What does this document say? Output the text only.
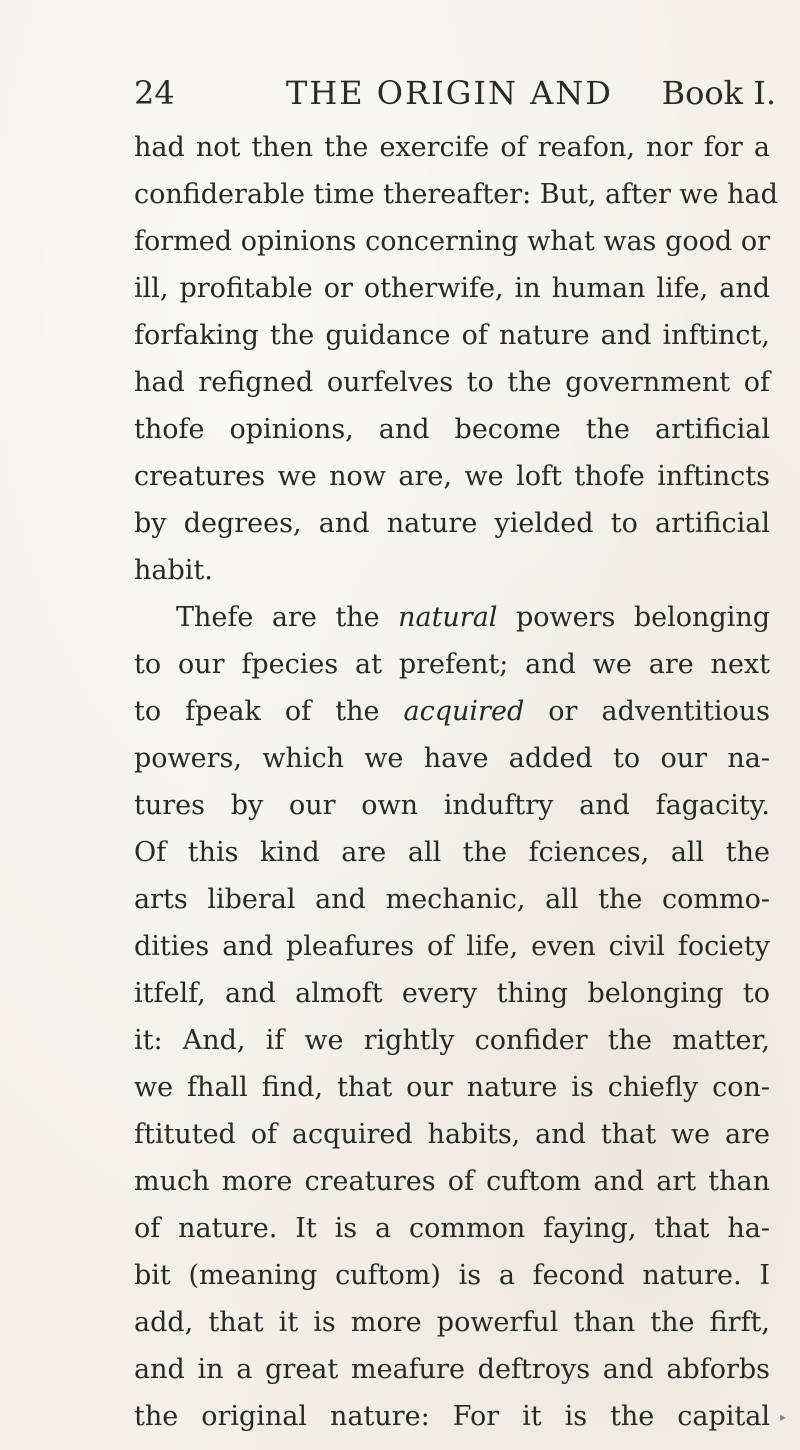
24	THE ORIGIN AND Book I.
had not then the exercife of reafon, nor for a
confiderable time thereafter: But, after we had
formed opinions concerning what was good or
ill, profitable or otherwife, in human life, and
forfaking the guidance of nature and inftinct,
had refigned ourfelves to the government of
thofe opinions, and become the artificial
creatures we now are, we loft thofe inftincts
by degrees, and nature yielded to artificial
habit.
Thefe are the natural powers belonging
to our fpecies at prefent; and we are next
to fpeak of the acquired or adventitious
powers, which we have added to our na-
tures by our own induftry and fagacity.
Of this kind are all the fciences, all the
arts liberal and mechanic, all the commo-
dities and pleafures of life, even civil fociety
itfelf, and almoft every thing belonging to
it: And, if we rightly confider the matter,
we fhall find, that our nature is chiefly con-
ftituted of acquired habits, and that we are
much more creatures of cuftom and art than
of nature. It is a common faying, that ha-
bit (meaning cuftom) is a fecond nature. I
add, that it is more powerful than the firft,
and in a great meafure deftroys and abforbs
the original nature: For it is the capital ▸
